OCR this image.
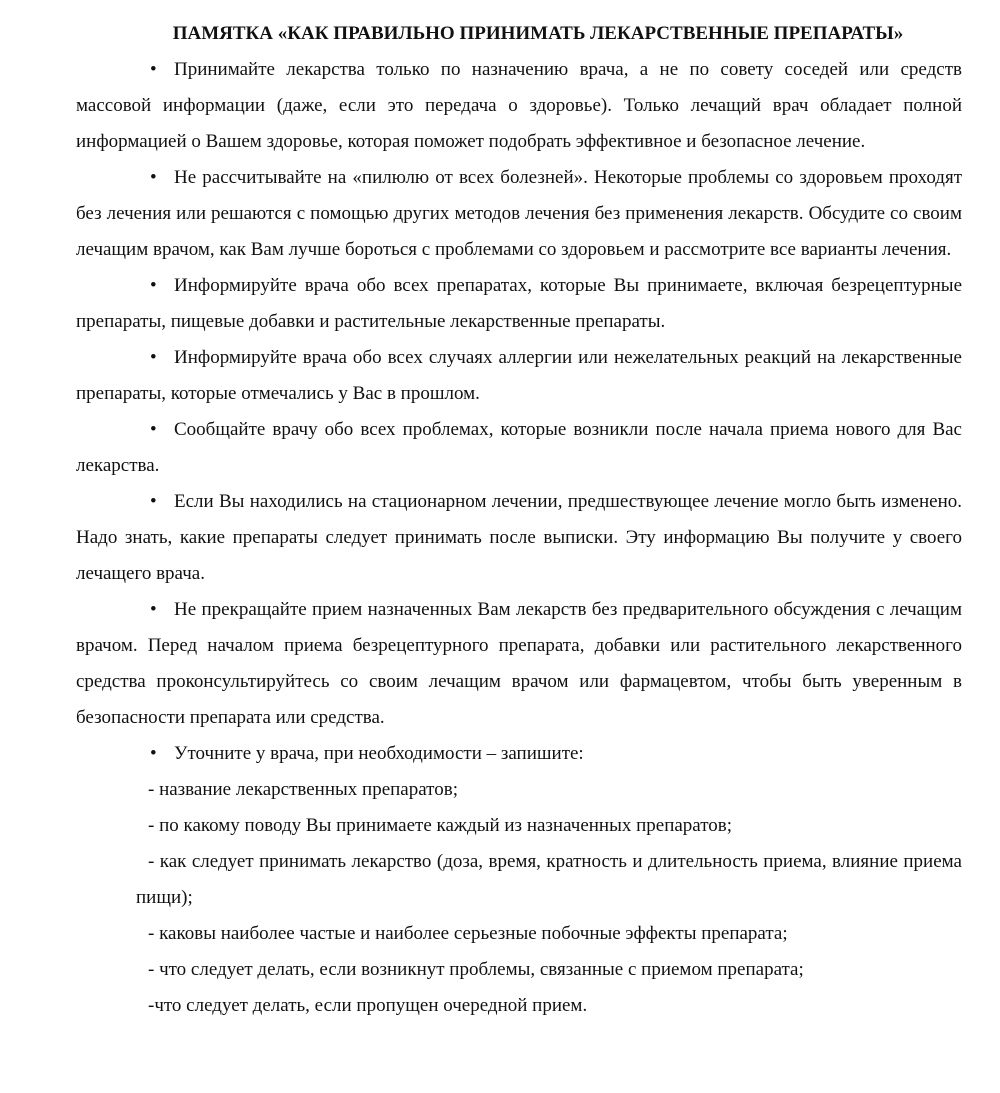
ПАМЯТКА «КАК ПРАВИЛЬНО ПРИНИМАТЬ ЛЕКАРСТВЕННЫЕ ПРЕПАРАТЫ»

• Принимайте лекарства только по назначению врача, а не по совету соседей или средств массовой информации (даже, если это передача о здоровье). Только лечащий врач обладает полной информацией о Вашем здоровье, которая поможет подобрать эффективное и безопасное лечение.

• Не рассчитывайте на «пилюлю от всех болезней». Некоторые проблемы со здоровьем проходят без лечения или решаются с помощью других методов лечения без применения лекарств. Обсудите со своим лечащим врачом, как Вам лучше бороться с проблемами со здоровьем и рассмотрите все варианты лечения.

• Информируйте врача обо всех препаратах, которые Вы принимаете, включая безрецептурные препараты, пищевые добавки и растительные лекарственные препараты.

• Информируйте врача обо всех случаях аллергии или нежелательных реакций на лекарственные препараты, которые отмечались у Вас в прошлом.

• Сообщайте врачу обо всех проблемах, которые возникли после начала приема нового для Вас лекарства.

• Если Вы находились на стационарном лечении, предшествующее лечение могло быть изменено. Надо знать, какие препараты следует принимать после выписки. Эту информацию Вы получите у своего лечащего врача.

• Не прекращайте прием назначенных Вам лекарств без предварительного обсуждения с лечащим врачом. Перед началом приема безрецептурного препарата, добавки или растительного лекарственного средства проконсультируйтесь со своим лечащим врачом или фармацевтом, чтобы быть уверенным в безопасности препарата или средства.

• Уточните у врача, при необходимости – запишите:

- название лекарственных препаратов;

- по какому поводу Вы принимаете каждый из назначенных препаратов;

- как следует принимать лекарство (доза, время, кратность и длительность приема, влияние приема пищи);

- каковы наиболее частые и наиболее серьезные побочные эффекты препарата;

- что следует делать, если возникнут проблемы, связанные с приемом препарата;

-что следует делать, если пропущен очередной прием.
